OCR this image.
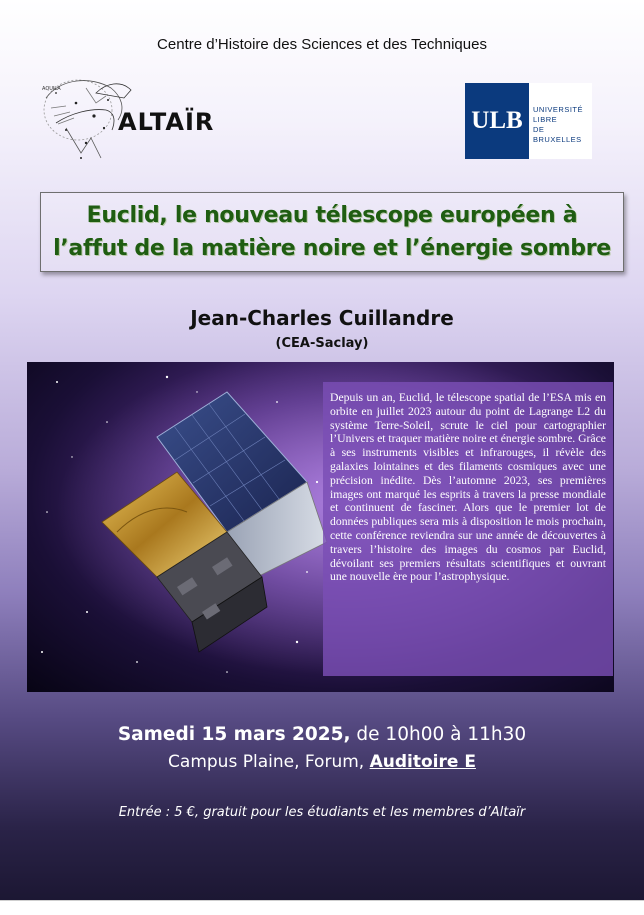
Centre d’Histoire des Sciences et des Techniques
AQUILA
ALTAÏR	ULB	UNIVERSITÉ
LIBRE
DE BRUXELLES
Euclid, le nouveau télescope européen à
l’affut de la matière noire et l’énergie sombre
Jean-Charles Cuillandre
(CEA-Saclay)
Depuis un an, Euclid, le télescope spatial de l’ESA mis en orbite en juillet 2023 autour du point de Lagrange L2 du système Terre-Soleil, scrute le ciel pour cartographier l’Univers et traquer matière noire et énergie sombre. Grâce à ses instruments visibles et infrarouges, il révèle des galaxies lointaines et des filaments cosmiques avec une précision inédite. Dès l’automne 2023, ses premières images ont marqué les esprits à travers la presse mondiale et continuent de fasciner. Alors que le premier lot de données publiques sera mis à disposition le mois prochain, cette conférence reviendra sur une année de découvertes à travers l’histoire des images du cosmos par Euclid, dévoilant ses premiers résultats scientifiques et ouvrant une nouvelle ère pour l’astrophysique.
Samedi 15 mars 2025, de 10h00 à 11h30
Campus Plaine, Forum, Auditoire E
Entrée : 5 €, gratuit pour les étudiants et les membres d’Altaïr
